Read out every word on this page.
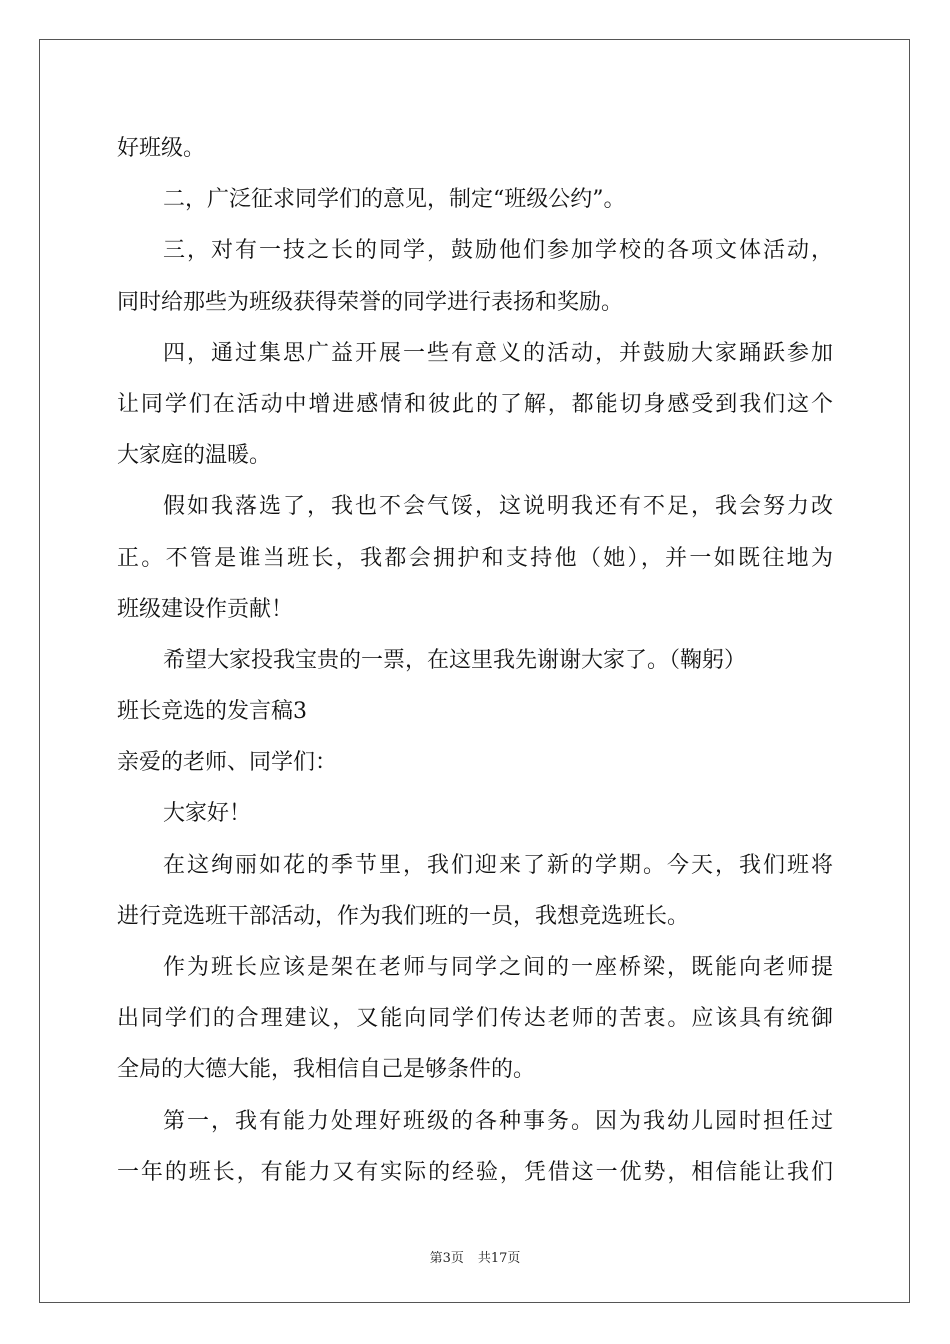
好班级。
二，广泛征求同学们的意见，制定“班级公约”。
三，对有一技之长的同学，鼓励他们参加学校的各项文体活动，
同时给那些为班级获得荣誉的同学进行表扬和奖励。
四，通过集思广益开展一些有意义的活动，并鼓励大家踊跃参加
让同学们在活动中增进感情和彼此的了解，都能切身感受到我们这个
大家庭的温暖。
假如我落选了，我也不会气馁，这说明我还有不足，我会努力改
正。不管是谁当班长，我都会拥护和支持他（她），并一如既往地为
班级建设作贡献！
希望大家投我宝贵的一票，在这里我先谢谢大家了。（鞠躬）
班长竞选的发言稿3
亲爱的老师、同学们：
大家好！
在这绚丽如花的季节里，我们迎来了新的学期。今天，我们班将
进行竞选班干部活动，作为我们班的一员，我想竞选班长。
作为班长应该是架在老师与同学之间的一座桥梁，既能向老师提
出同学们的合理建议，又能向同学们传达老师的苦衷。应该具有统御
全局的大德大能，我相信自己是够条件的。
第一，我有能力处理好班级的各种事务。因为我幼儿园时担任过
一年的班长，有能力又有实际的经验，凭借这一优势，相信能让我们
第3页 共17页
